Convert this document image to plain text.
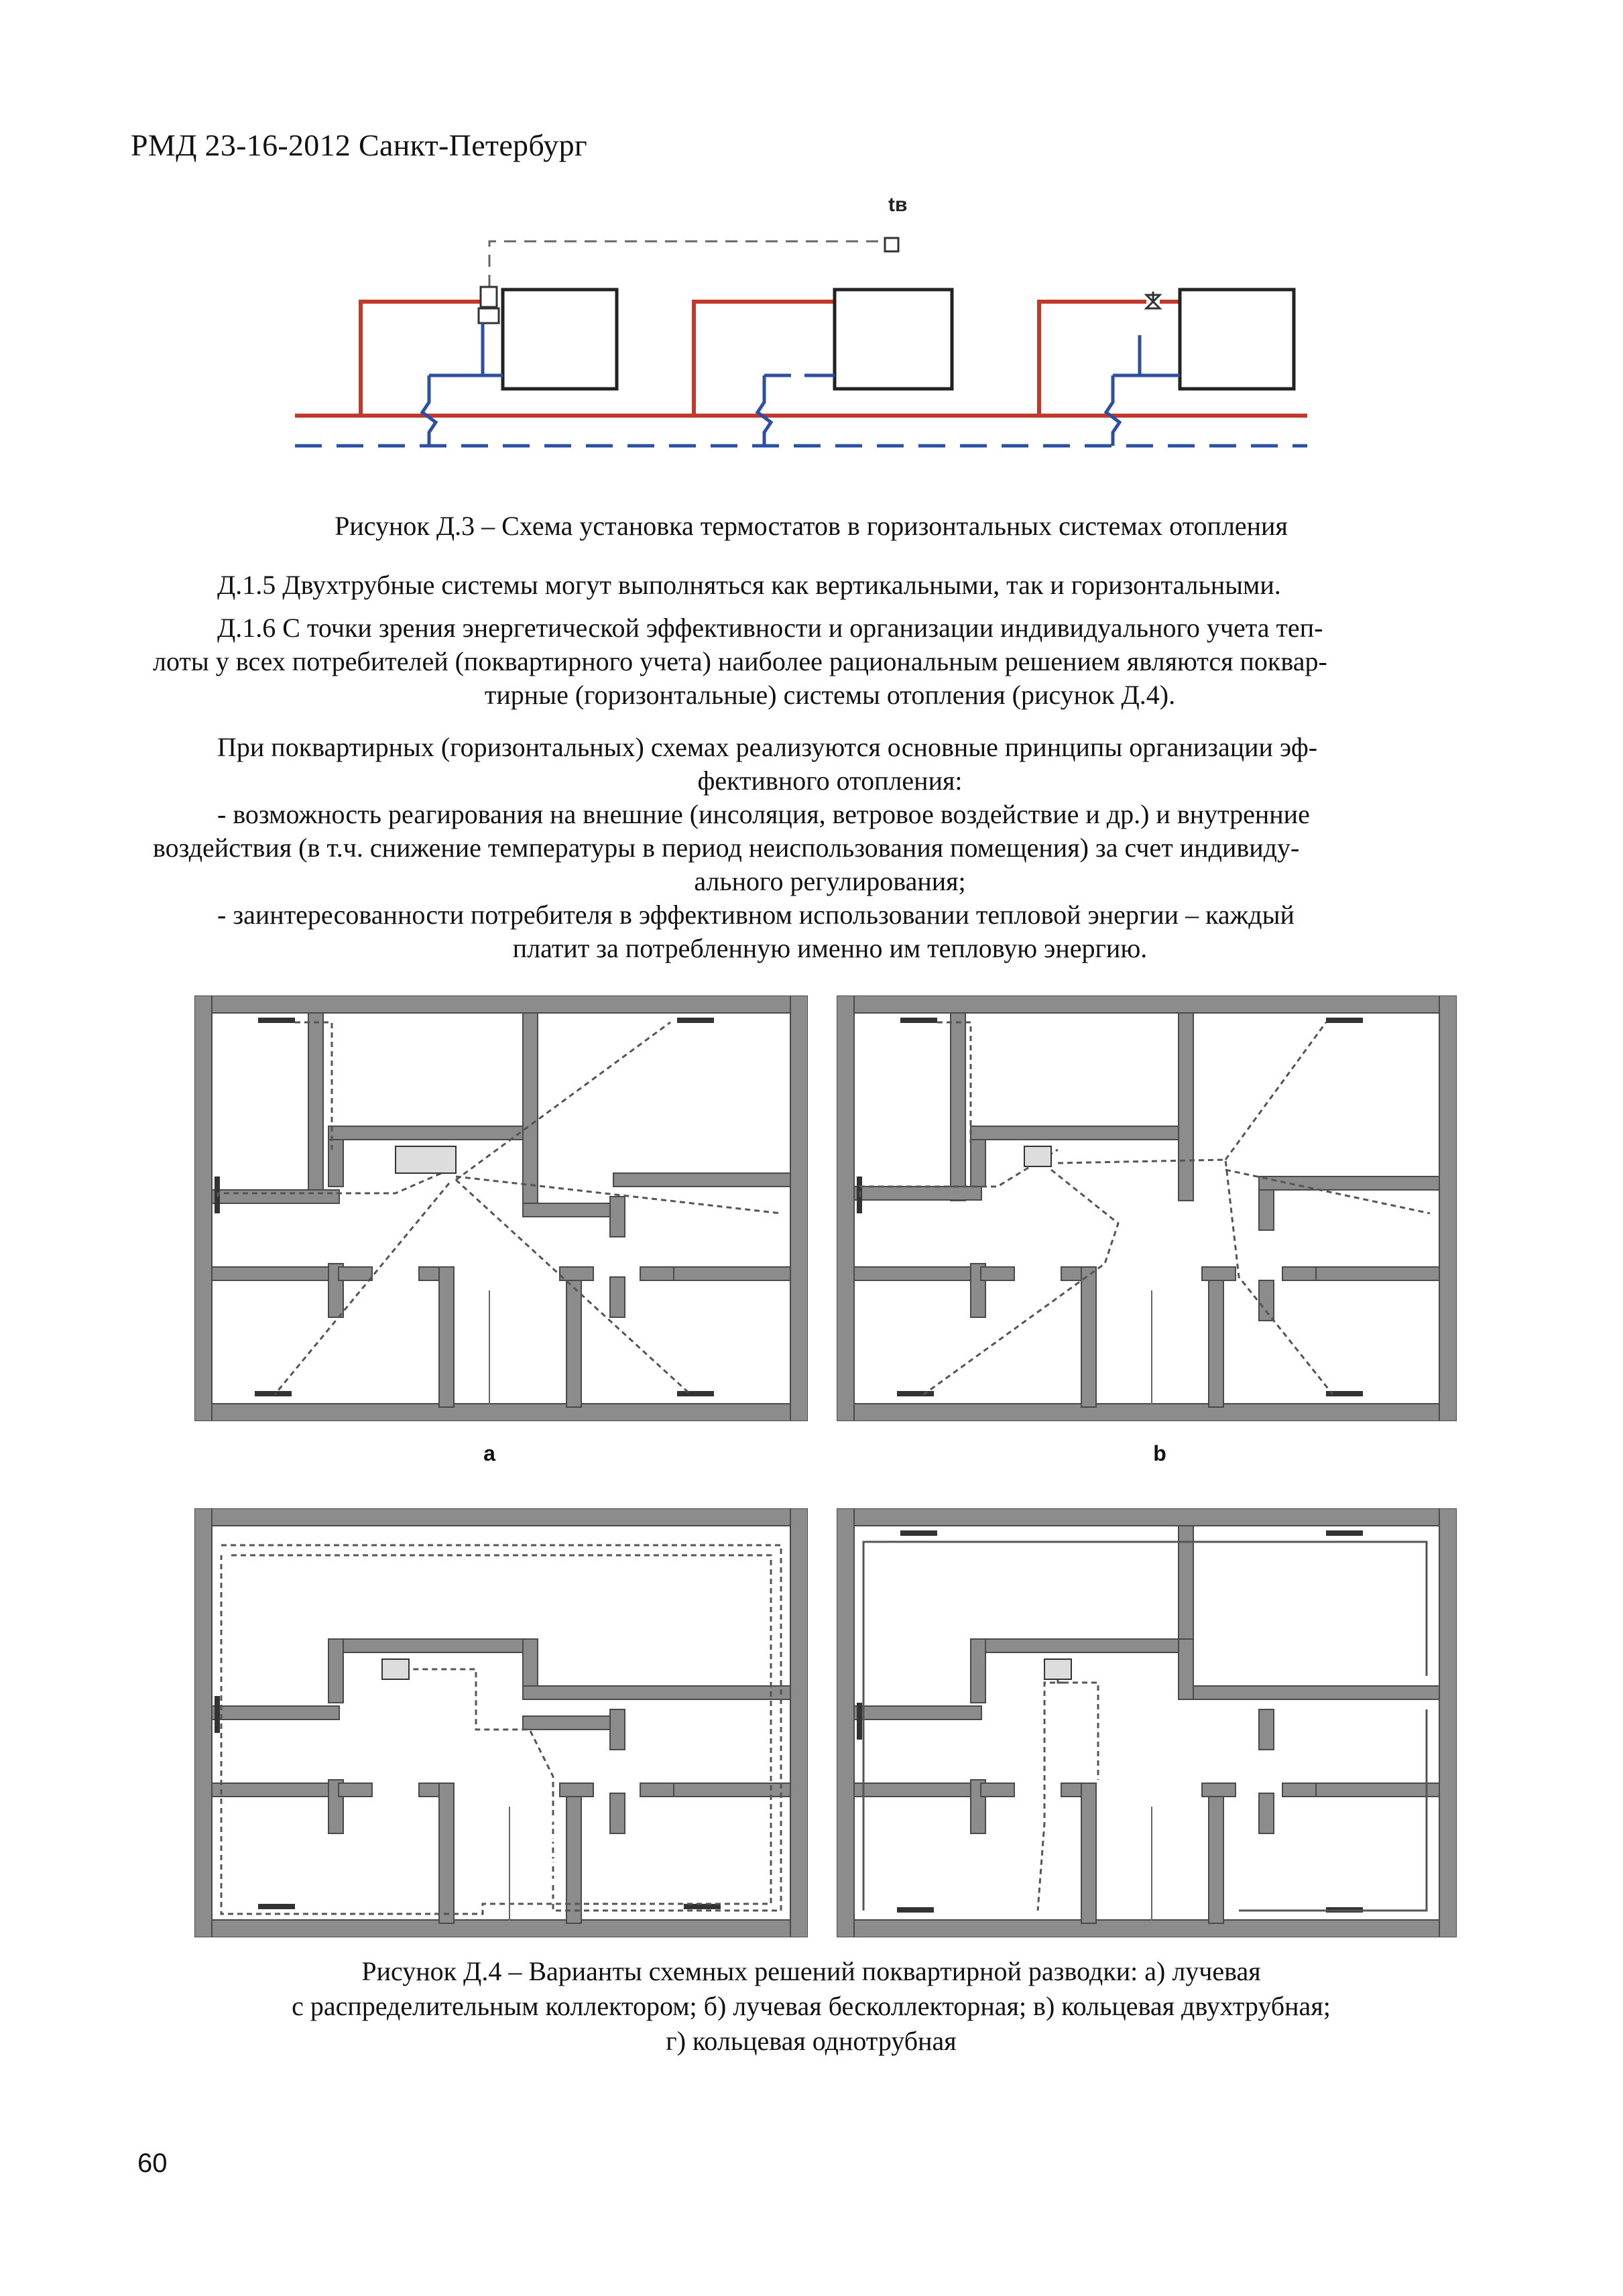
РМД 23-16-2012 Санкт-Петербург
tв
Рисунок Д.3 – Схема установка термостатов в горизонтальных системах отопления
Д.1.5 Двухтрубные системы могут выполняться как вертикальными, так и горизонтальными.
Д.1.6 С точки зрения энергетической эффективности и организации индивидуального учета теп-
лоты у всех потребителей (поквартирного учета) наиболее рациональным решением являются поквар-
тирные (горизонтальные) системы отопления (рисунок Д.4).
При поквартирных (горизонтальных) схемах реализуются основные принципы организации эф-
фективного отопления:
- возможность реагирования на внешние (инсоляция, ветровое воздействие и др.) и внутренние
воздействия (в т.ч. снижение температуры в период неиспользования помещения) за счет индивиду-
ального регулирования;
- заинтересованности потребителя в эффективном использовании тепловой энергии – каждый
платит за потребленную именно им тепловую энергию.
a	b
Рисунок Д.4 – Варианты схемных решений поквартирной разводки: а) лучевая
с распределительным коллектором; б) лучевая бесколлекторная; в) кольцевая двухтрубная;
г) кольцевая однотрубная
60
